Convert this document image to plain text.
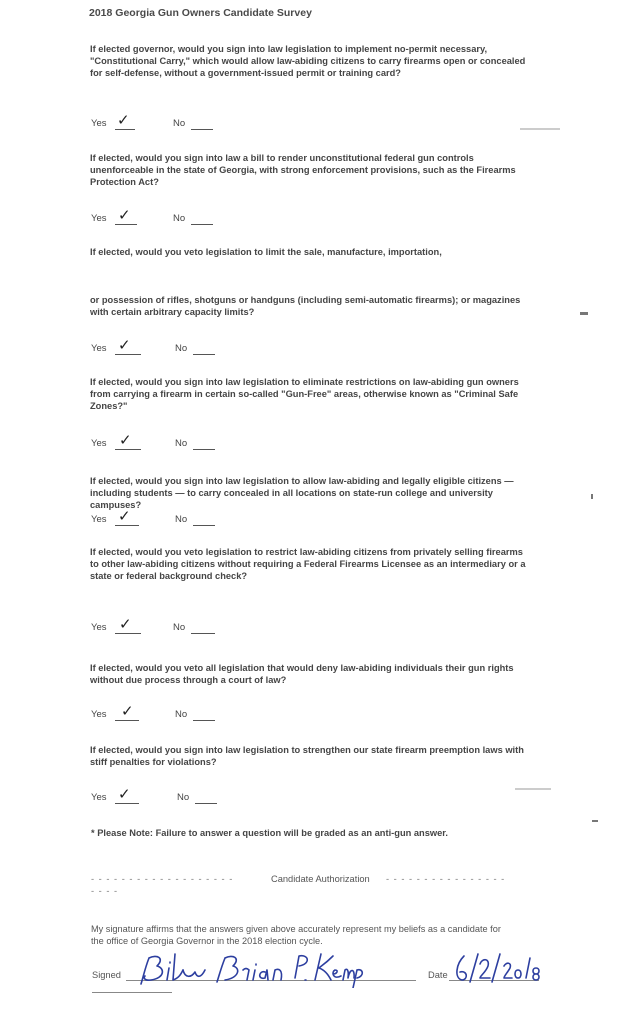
2018 Georgia Gun Owners Candidate Survey
If elected governor, would you sign into law legislation to implement no-permit necessary, "Constitutional Carry," which would allow law-abiding citizens to carry firearms open or concealed for self-defense, without a government-issued permit or training card?
Yes ✓	No
If elected, would you sign into law a bill to render unconstitutional federal gun controls unenforceable in the state of Georgia, with strong enforcement provisions, such as the Firearms Protection Act?
Yes ✓	No
If elected, would you veto legislation to limit the sale, manufacture, importation,
or possession of rifles, shotguns or handguns (including semi-automatic firearms); or magazines with certain arbitrary capacity limits?
Yes ✓	No
If elected, would you sign into law legislation to eliminate restrictions on law-abiding gun owners from carrying a firearm in certain so-called "Gun-Free" areas, otherwise known as "Criminal Safe Zones?"
Yes ✓	No
If elected, would you sign into law legislation to allow law-abiding and legally eligible citizens — including students — to carry concealed in all locations on state-run college and university campuses?
Yes ✓	No
If elected, would you veto legislation to restrict law-abiding citizens from privately selling firearms to other law-abiding citizens without requiring a Federal Firearms Licensee as an intermediary or a state or federal background check?
Yes ✓	No
If elected, would you veto all legislation that would deny law-abiding individuals their gun rights without due process through a court of law?
Yes ✓	No
If elected, would you sign into law legislation to strengthen our state firearm preemption laws with stiff penalties for violations?
Yes ✓	No
* Please Note: Failure to answer a question will be graded as an anti-gun answer.
- - - - - - - - - - - - - - - - - - -	Candidate Authorization - - - - - - - - - - - - - - - -
- - - -
My signature affirms that the answers given above accurately represent my beliefs as a candidate for the office of Georgia Governor in the 2018 election cycle.
Signed	Date
